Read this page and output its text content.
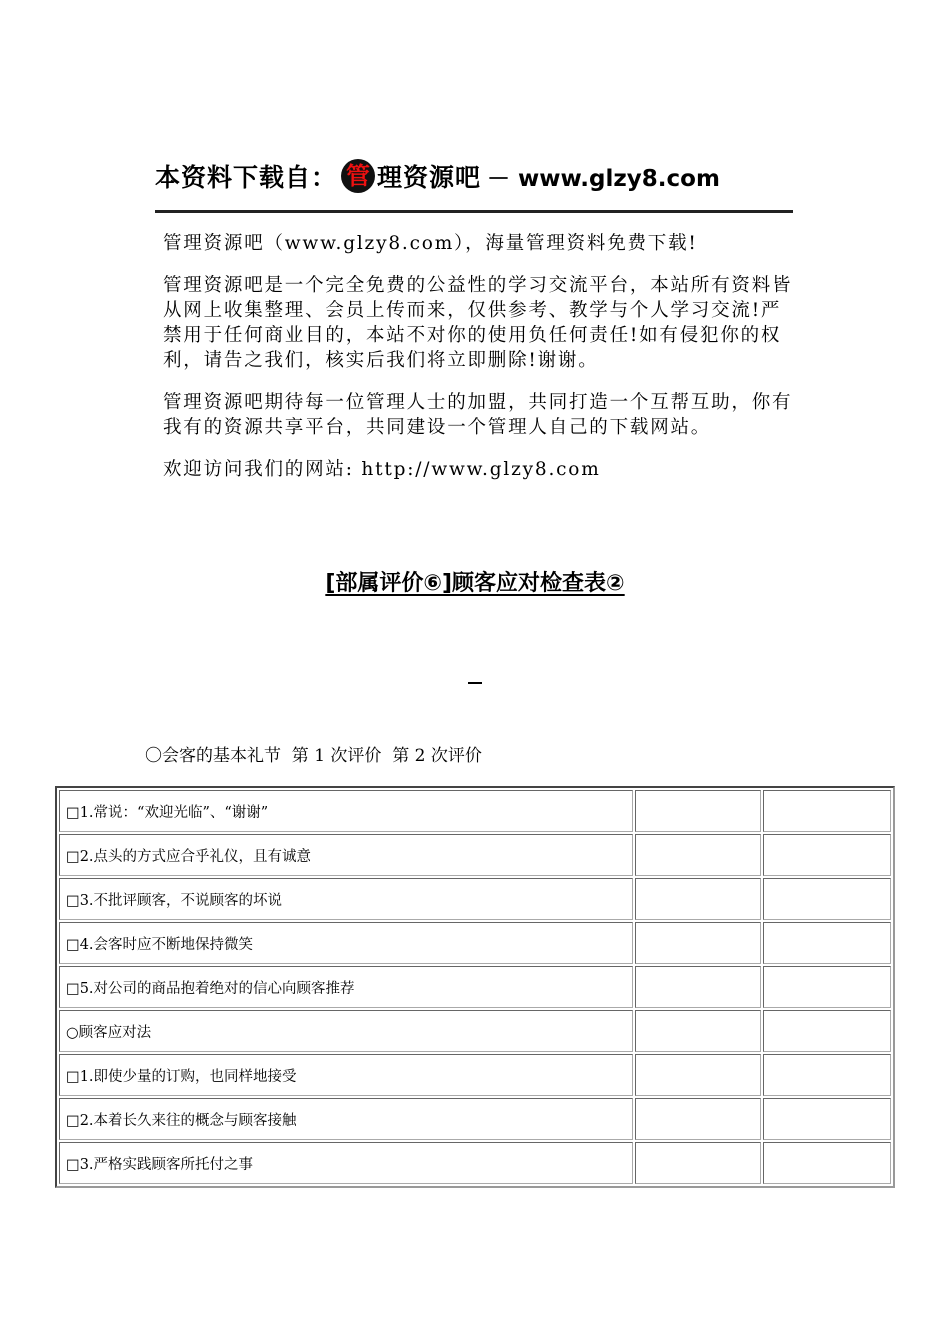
本资料下载自： 管 理资源吧 － www.glzy8.com

管理资源吧（www.glzy8.com），海量管理资料免费下载!

管理资源吧是一个完全免费的公益性的学习交流平台，本站所有资料皆从网上收集整理、会员上传而来，仅供参考、教学与个人学习交流!严禁用于任何商业目的，本站不对你的使用负任何责任!如有侵犯你的权利，请告之我们，核实后我们将立即删除!谢谢。

管理资源吧期待每一位管理人士的加盟，共同打造一个互帮互助，你有我有的资源共享平台，共同建设一个管理人自己的下载网站。

欢迎访问我们的网站: http://www.glzy8.com

[部属评价⑥]顾客应对检查表②
〇会客的基本礼节  第 1 次评价  第 2 次评价
□1.常说：“欢迎光临”、“谢谢”		
□2.点头的方式应合乎礼仪，且有诚意		
□3.不批评顾客，不说顾客的坏说		
□4.会客时应不断地保持微笑		
□5.对公司的商品抱着绝对的信心向顾客推荐		
○顾客应对法		
□1.即使少量的订购，也同样地接受		
□2.本着长久来往的概念与顾客接触		
□3.严格实践顾客所托付之事		
